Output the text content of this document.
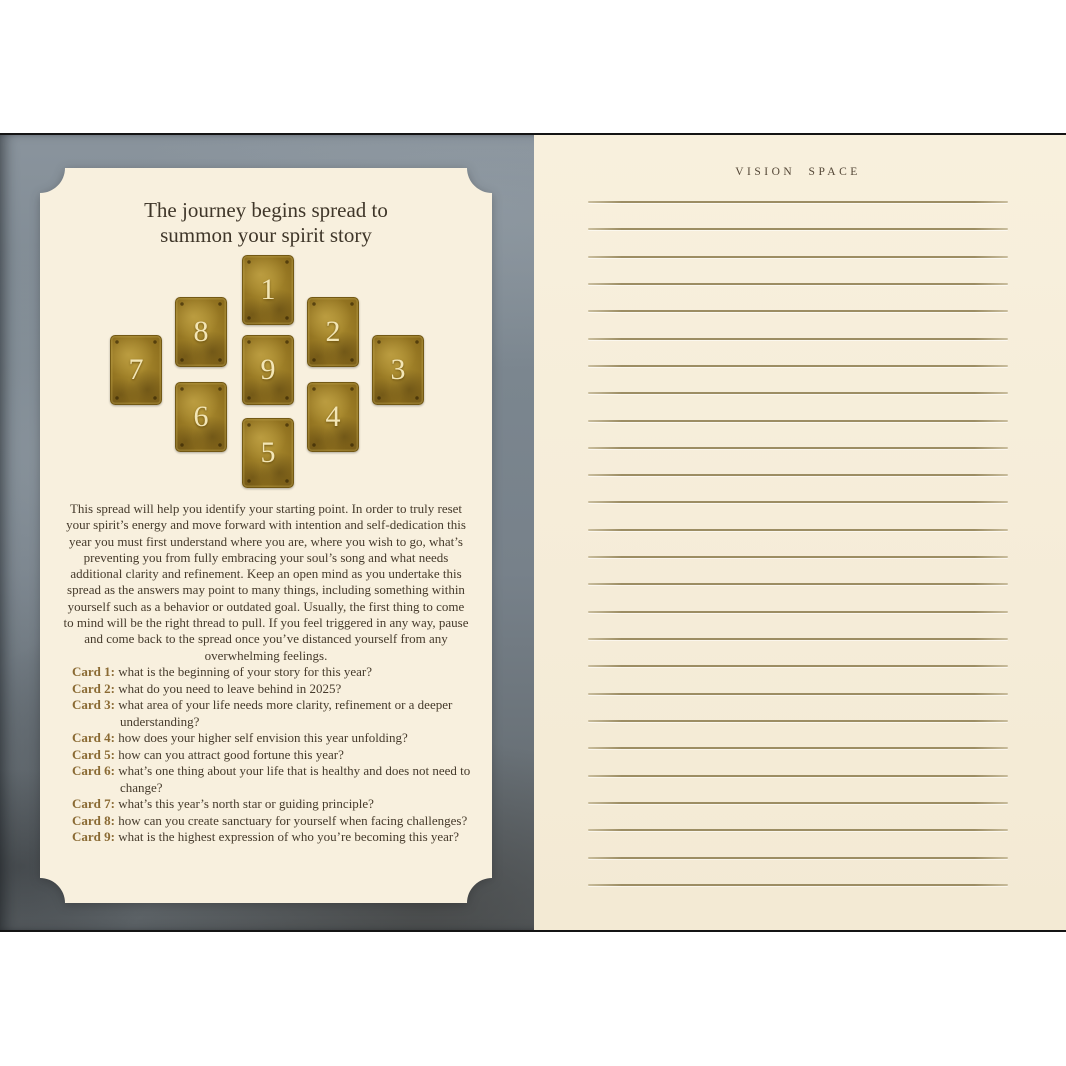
The journey begins spread to summon your spirit story
1
8	2
7	9	3
6	4
5

This spread will help you identify your starting point. In order to truly reset your spirit’s energy and move forward with intention and self-dedication this year you must first understand where you are, where you wish to go, what’s preventing you from fully embracing your soul’s song and what needs additional clarity and refinement. Keep an open mind as you undertake this spread as the answers may point to many things, including something within yourself such as a behavior or outdated goal. Usually, the first thing to come to mind will be the right thread to pull. If you feel triggered in any way, pause and come back to the spread once you’ve distanced yourself from any overwhelming feelings.

Card 1: what is the beginning of your story for this year?
Card 2: what do you need to leave behind in 2025?
Card 3: what area of your life needs more clarity, refinement or a deeper understanding?
Card 4: how does your higher self envision this year unfolding?
Card 5: how can you attract good fortune this year?
Card 6: what’s one thing about your life that is healthy and does not need to change?
Card 7: what’s this year’s north star or guiding principle?
Card 8: how can you create sanctuary for yourself when facing challenges?
Card 9: what is the highest expression of who you’re becoming this year?
VISION SPACE
